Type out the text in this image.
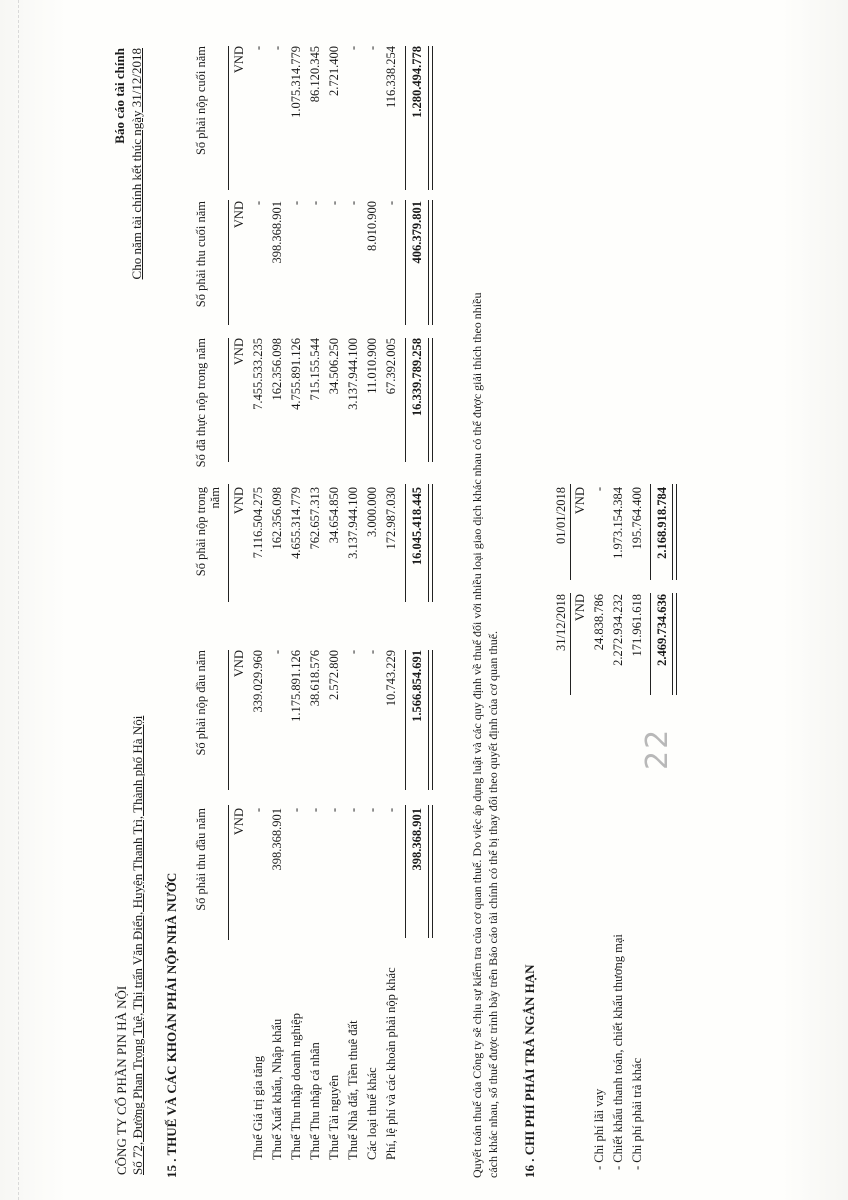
CÔNG TY CỔ PHẦN PIN HÀ NỘI Số 72, Đường Phan Trọng Tuệ, Thị trấn Văn Điển, Huyện Thanh Trì, Thành phố Hà Nội
Báo cáo tài chính Cho năm tài chính kết thúc ngày 31/12/2018
15 . THUẾ VÀ CÁC KHOẢN PHẢI NỘP NHÀ NƯỚC
Số phải thu đầu năm
Số phải nộp đầu năm
Số phải nộp trong năm
Số đã thực nộp trong năm
Số phải thu cuối năm
Số phải nộp cuối năm
VND
VND
VND
VND
VND
VND
Thuế Giá trị gia tăng
-
339.029.960
7.116.504.275
7.455.533.235
-
-
Thuế Xuất khẩu, Nhập khẩu
398.368.901
-
162.356.098
162.356.098
398.368.901
-
Thuế Thu nhập doanh nghiệp
-
1.175.891.126
4.655.314.779
4.755.891.126
-
1.075.314.779
Thuế Thu nhập cá nhân
-
38.618.576
762.657.313
715.155.544
-
86.120.345
Thuế Tài nguyên
-
2.572.800
34.654.850
34.506.250
-
2.721.400
Thuế Nhà đất, Tiền thuê đất
-
-
3.137.944.100
3.137.944.100
-
-
Các loại thuế khác
-
-
3.000.000
11.010.900
8.010.900
-
Phí, lệ phí và các khoản phải nộp khác
-
10.743.229
172.987.030
67.392.005
-
116.338.254
398.368.901
1.566.854.691
16.045.418.445
16.339.789.258
406.379.801
1.280.494.778
Quyết toán thuế của Công ty sẽ chịu sự kiểm tra của cơ quan thuế. Do việc áp dụng luật và các quy định về thuế đối với nhiều loại giao dịch khác nhau có thể được giải thích theo nhiều cách khác nhau, số thuế được trình bày trên Báo cáo tài chính có thể bị thay đổi theo quyết định của cơ quan thuế. 16 . CHI PHÍ PHẢI TRẢ NGẮN HẠN
31/12/2018
01/01/2018
VND
VND
- Chi phí lãi vay
24.838.786
-
- Chiết khấu thanh toán, chiết khấu thương mại
2.272.934.232
1.973.154.384
- Chi phí phải trả khác
171.961.618
195.764.400
2.469.734.636
2.168.918.784
22
